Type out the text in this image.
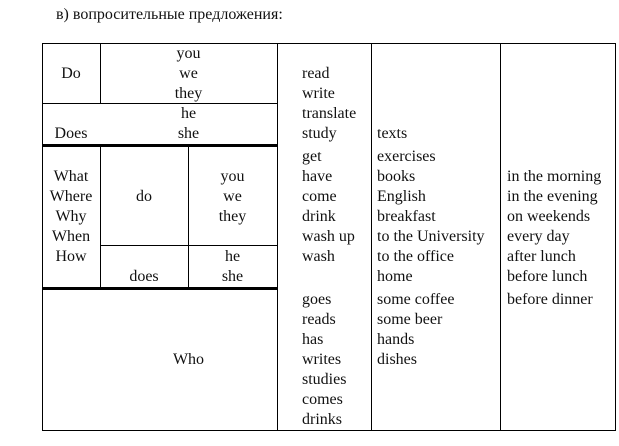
в) вопросительные предложения:
Do
you
we
they
Does
he
she
What
Where
Why
When
How
do
you
we
they
does
he
she
Who
read
write
translate
study
get
have
come
drink
wash up
wash
goes
reads
has
writes
studies
comes
drinks
texts
exercises
books
English
breakfast
to the University
to the office
home
some coffee
some beer
hands
dishes
in the morning
in the evening
on weekends
every day
after lunch
before lunch
before dinner
